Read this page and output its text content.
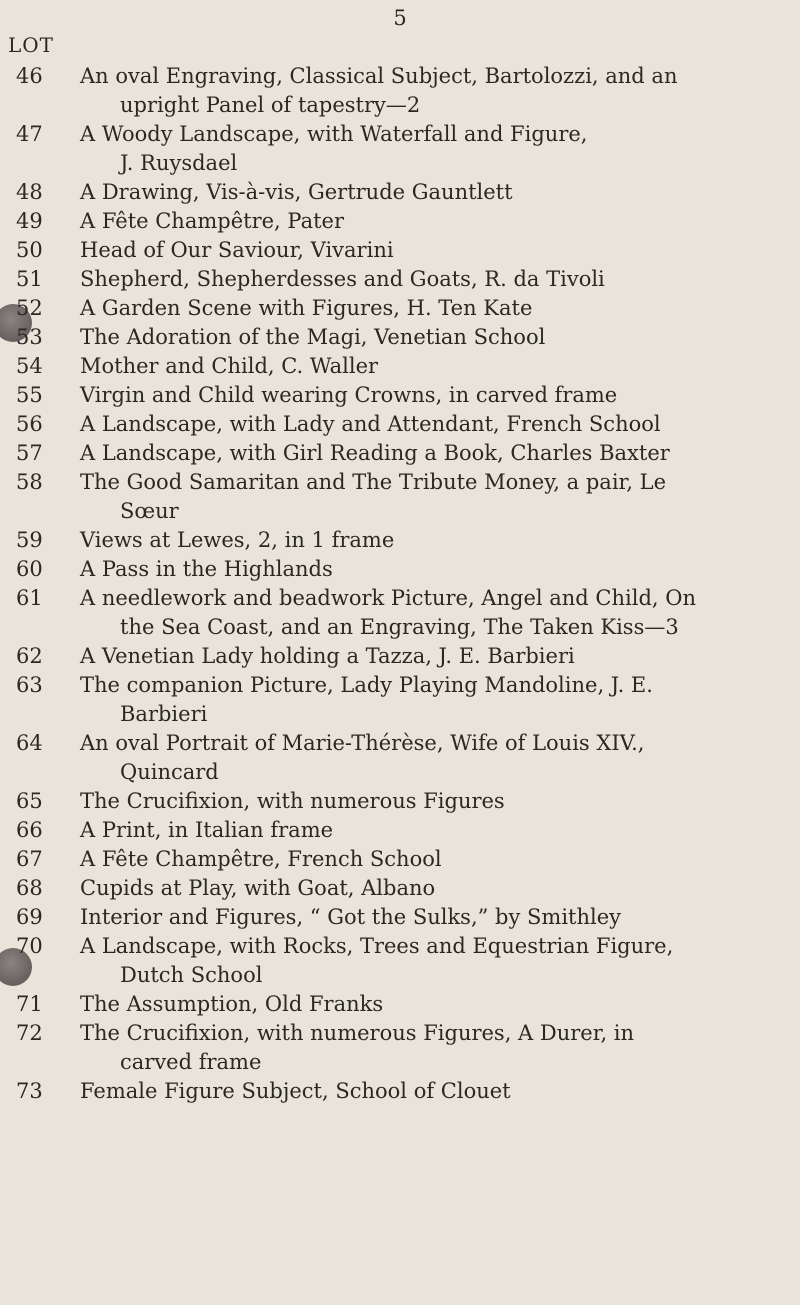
5
LOT
46	An oval Engraving, Classical Subject, Bartolozzi, and an
upright Panel of tapestry—2
47	A Woody Landscape, with Waterfall and Figure,
J. Ruysdael
48	A Drawing, Vis-à-vis, Gertrude Gauntlett
49	A Fête Champêtre, Pater
50	Head of Our Saviour, Vivarini
51	Shepherd, Shepherdesses and Goats, R. da Tivoli
52	A Garden Scene with Figures, H. Ten Kate
53	The Adoration of the Magi, Venetian School
54	Mother and Child, C. Waller
55	Virgin and Child wearing Crowns, in carved frame
56	A Landscape, with Lady and Attendant, French School
57	A Landscape, with Girl Reading a Book, Charles Baxter
58	The Good Samaritan and The Tribute Money, a pair, Le
Sœur
59	Views at Lewes, 2, in 1 frame
60	A Pass in the Highlands
61	A needlework and beadwork Picture, Angel and Child, On
the Sea Coast, and an Engraving, The Taken Kiss—3
62	A Venetian Lady holding a Tazza, J. E. Barbieri
63	The companion Picture, Lady Playing Mandoline, J. E.
Barbieri
64	An oval Portrait of Marie-Thérèse, Wife of Louis XIV.,
Quincard
65	The Crucifixion, with numerous Figures
66	A Print, in Italian frame
67	A Fête Champêtre, French School
68	Cupids at Play, with Goat, Albano
69	Interior and Figures, “ Got the Sulks,” by Smithley
70	A Landscape, with Rocks, Trees and Equestrian Figure,
Dutch School
71	The Assumption, Old Franks
72	The Crucifixion, with numerous Figures, A Durer, in
carved frame
73	Female Figure Subject, School of Clouet
